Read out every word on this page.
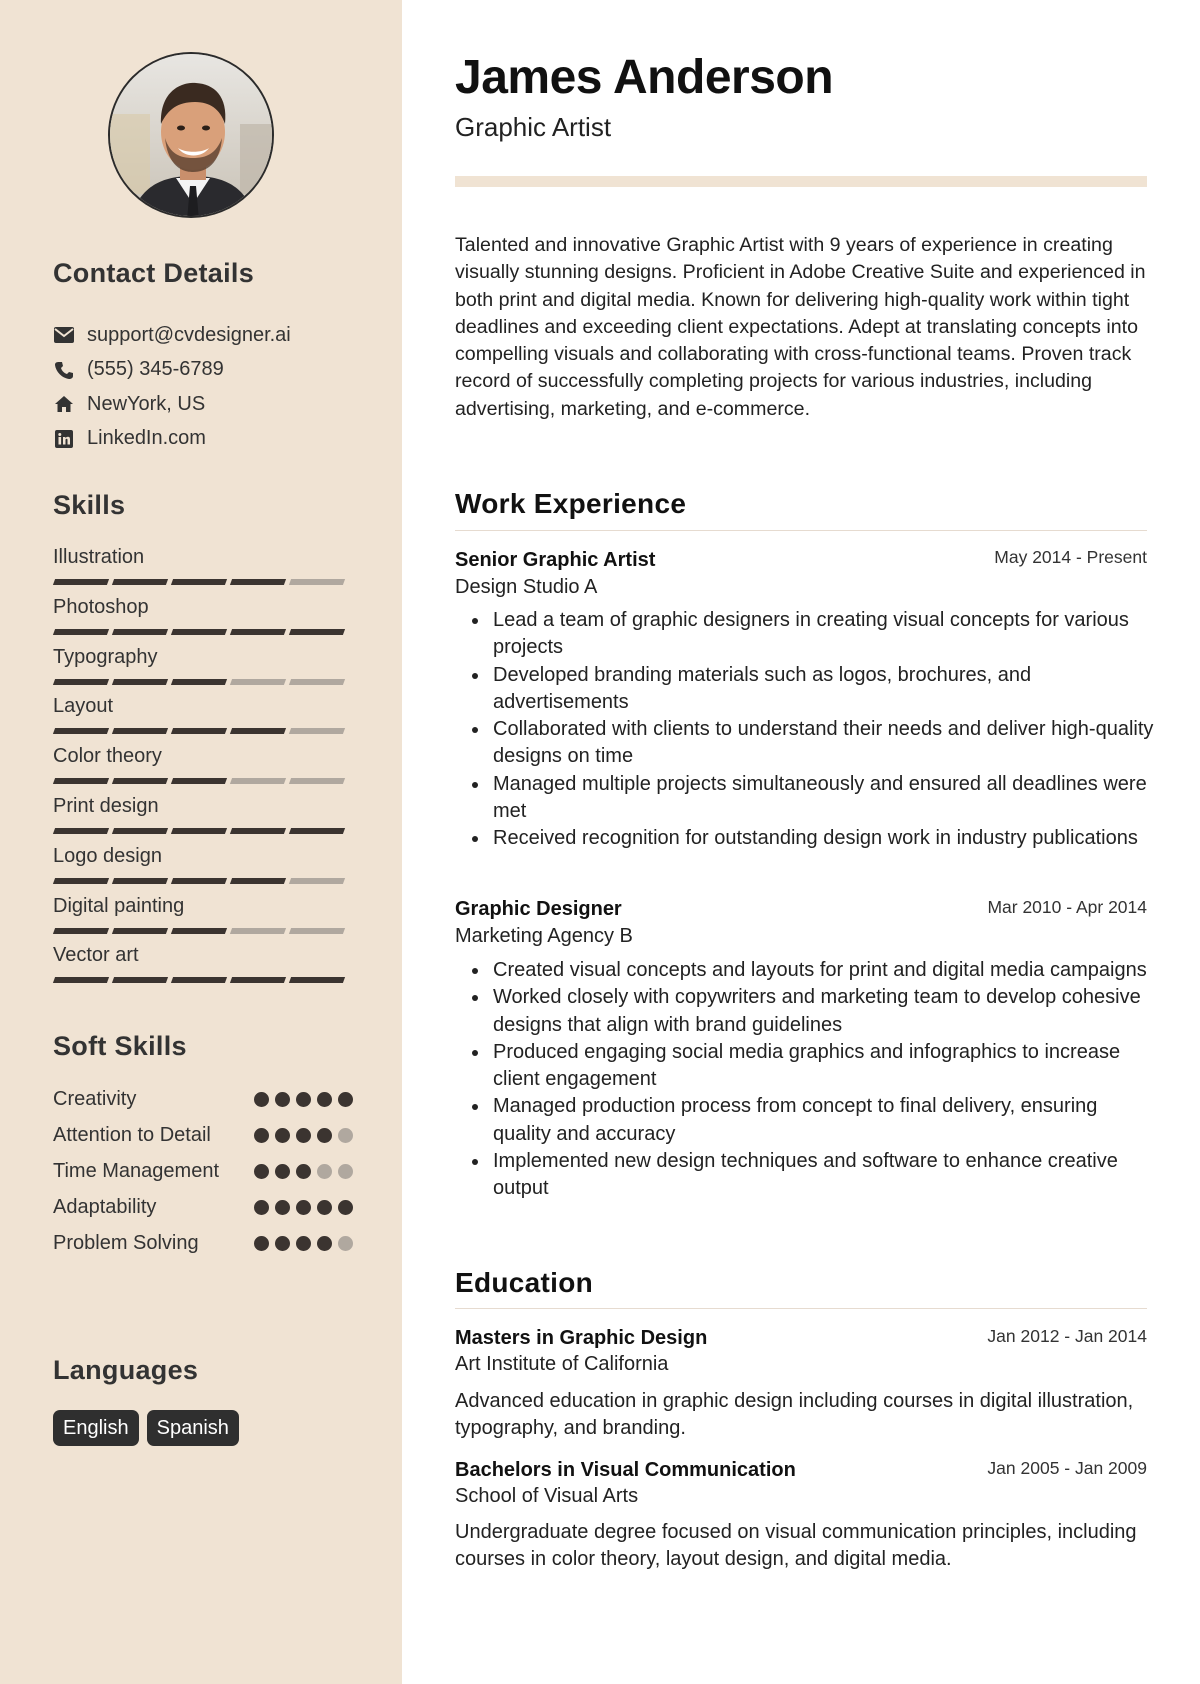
Contact Details
support@cvdesigner.ai
(555) 345-6789
NewYork, US
LinkedIn.com
Skills
Illustration
Photoshop
Typography
Layout
Color theory
Print design
Logo design
Digital painting
Vector art
Soft Skills
Creativity
Attention to Detail
Time Management
Adaptability
Problem Solving
Languages
English	Spanish
James Anderson
Graphic Artist

Talented and innovative Graphic Artist with 9 years of experience in creating visually stunning designs. Proficient in Adobe Creative Suite and experienced in both print and digital media. Known for delivering high-quality work within tight deadlines and exceeding client expectations. Adept at translating concepts into compelling visuals and collaborating with cross-functional teams. Proven track record of successfully completing projects for various industries, including advertising, marketing, and e-commerce.

Work Experience
Senior Graphic Artist	May 2014 - Present
Design Studio A
Lead a team of graphic designers in creating visual concepts for various projects
Developed branding materials such as logos, brochures, and advertisements
Collaborated with clients to understand their needs and deliver high-quality designs on time
Managed multiple projects simultaneously and ensured all deadlines were met
Received recognition for outstanding design work in industry publications
Graphic Designer	Mar 2010 - Apr 2014
Marketing Agency B
Created visual concepts and layouts for print and digital media campaigns
Worked closely with copywriters and marketing team to develop cohesive designs that align with brand guidelines
Produced engaging social media graphics and infographics to increase client engagement
Managed production process from concept to final delivery, ensuring quality and accuracy
Implemented new design techniques and software to enhance creative output
Education
Masters in Graphic Design	Jan 2012 - Jan 2014
Art Institute of California

Advanced education in graphic design including courses in digital illustration, typography, and branding.

Bachelors in Visual Communication	Jan 2005 - Jan 2009
School of Visual Arts

Undergraduate degree focused on visual communication principles, including courses in color theory, layout design, and digital media.
